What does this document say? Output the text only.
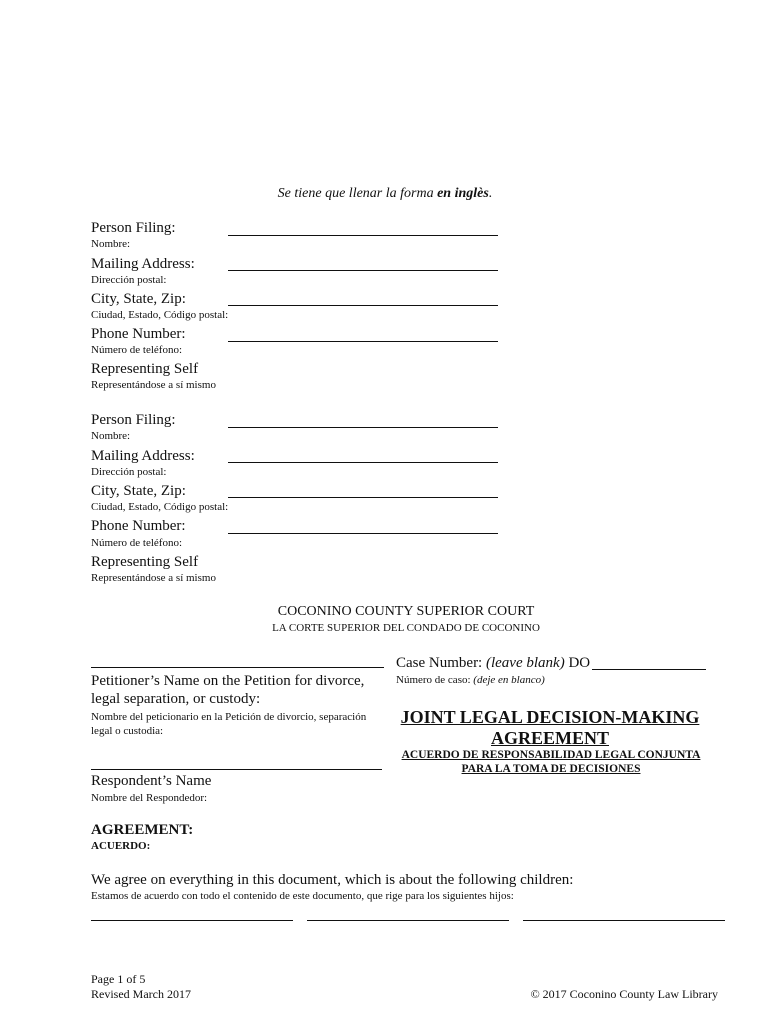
Se tiene que llenar la forma en inglès.
Person Filing:
Nombre:
Mailing Address:
Dirección postal:
City, State, Zip:
Ciudad, Estado, Código postal:
Phone Number:
Número de teléfono:
Representing Self
Representándose a sí mismo
Person Filing:
Nombre:
Mailing Address:
Dirección postal:
City, State, Zip:
Ciudad, Estado, Código postal:
Phone Number:
Número de teléfono:
Representing Self
Representándose a sí mismo
COCONINO COUNTY SUPERIOR COURT
LA CORTE SUPERIOR DEL CONDADO DE COCONINO
Petitioner’s Name on the Petition for divorce, legal separation, or custody:
Nombre del peticionario en la Petición de divorcio, separación legal o custodia:
Respondent’s Name
Nombre del Respondedor:
Case Number: (leave blank) DO
Número de caso: (deje en blanco)
JOINT LEGAL DECISION-MAKING AGREEMENT
ACUERDO DE RESPONSABILIDAD LEGAL CONJUNTA PARA LA TOMA DE DECISIONES
AGREEMENT:
ACUERDO:
We agree on everything in this document, which is about the following children:
Estamos de acuerdo con todo el contenido de este documento, que rige para los siguientes hijos:
Page 1 of 5
Revised March 2017	© 2017 Coconino County Law Library
